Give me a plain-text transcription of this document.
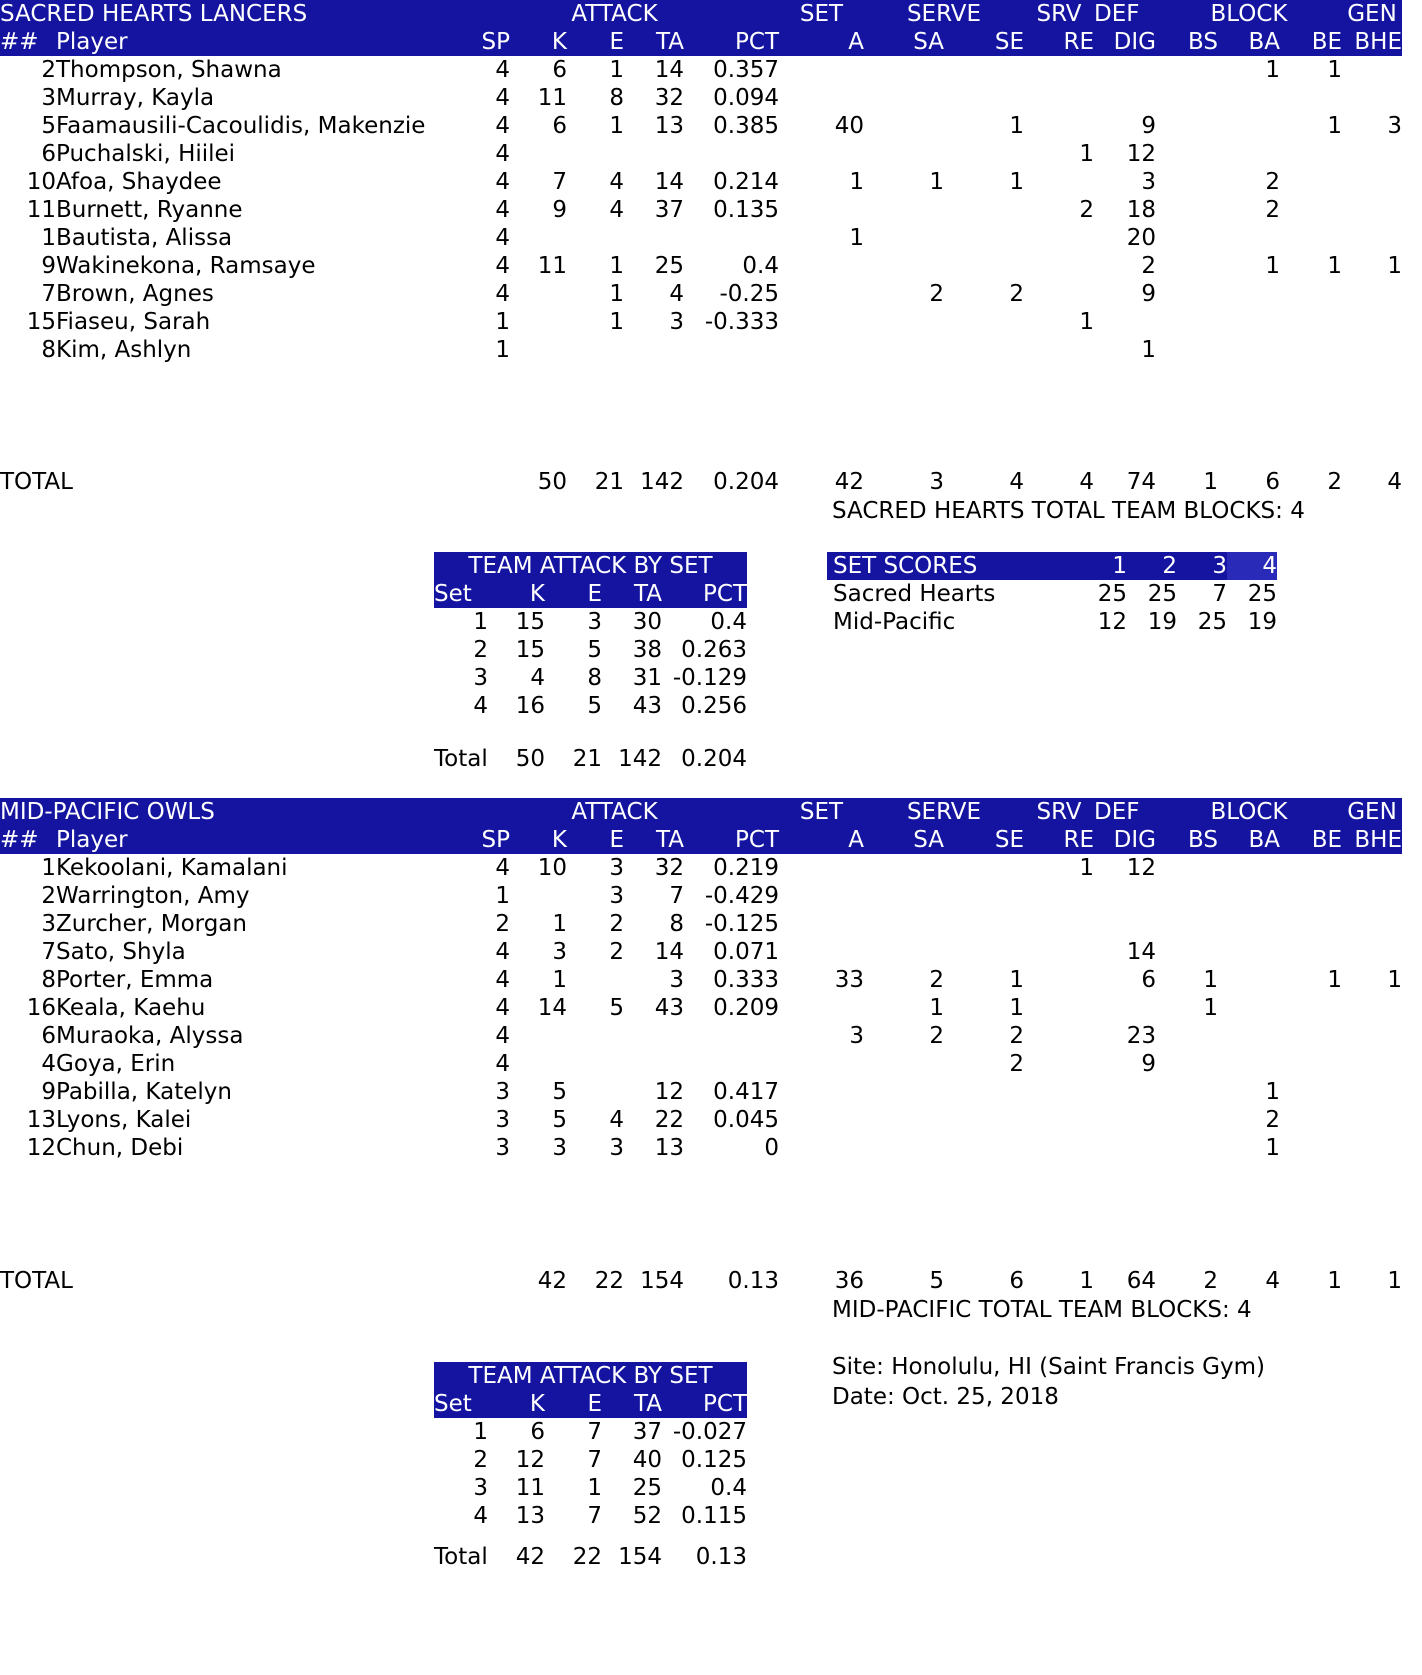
SACRED HEARTS LANCERS		ATTACK					SET	SERVE		SRV	DEF	BLOCK			GEN
##	Player	SP	K	E	TA	PCT	A	SA	SE	RE	DIG	BS	BA	BE	BHE
2	Thompson, Shawna	4	6	1	14	0.357							1	1	
3	Murray, Kayla	4	11	8	32	0.094									
5	Faamausili-Cacoulidis, Makenzie	4	6	1	13	0.385	40		1		9			1	3
6	Puchalski, Hiilei	4								1	12				
10	Afoa, Shaydee	4	7	4	14	0.214	1	1	1		3		2		
11	Burnett, Ryanne	4	9	4	37	0.135				2	18		2		
1	Bautista, Alissa	4					1				20				
9	Wakinekona, Ramsaye	4	11	1	25	0.4					2		1	1	1
7	Brown, Agnes	4		1	4	-0.25		2	2		9				
15	Fiaseu, Sarah	1		1	3	-0.333				1					
8	Kim, Ashlyn	1									1				
TOTAL		50	21	142	0.204	42	3	4	4	74	1	6	2	4
SACRED HEARTS TOTAL TEAM BLOCKS: 4
TEAM ATTACK BY SET				
Set	K	E	TA	PCT
1	15	3	30	0.4
2	15	5	38	0.263
3	4	8	31	-0.129
4	16	5	43	0.256
Total	50	21	142	0.204
SET SCORES	1	2	3	4
Sacred Hearts	25	25	7	25
Mid-Pacific	12	19	25	19
MID-PACIFIC OWLS		ATTACK					SET	SERVE		SRV	DEF	BLOCK			GEN
##	Player	SP	K	E	TA	PCT	A	SA	SE	RE	DIG	BS	BA	BE	BHE
1	Kekoolani, Kamalani	4	10	3	32	0.219				1	12				
2	Warrington, Amy	1		3	7	-0.429									
3	Zurcher, Morgan	2	1	2	8	-0.125									
7	Sato, Shyla	4	3	2	14	0.071					14				
8	Porter, Emma	4	1		3	0.333	33	2	1		6	1		1	1
16	Keala, Kaehu	4	14	5	43	0.209		1	1			1			
6	Muraoka, Alyssa	4					3	2	2		23				
4	Goya, Erin	4							2		9				
9	Pabilla, Katelyn	3	5		12	0.417							1		
13	Lyons, Kalei	3	5	4	22	0.045							2		
12	Chun, Debi	3	3	3	13	0							1		
TOTAL		42	22	154	0.13	36	5	6	1	64	2	4	1	1
MID-PACIFIC TOTAL TEAM BLOCKS: 4
TEAM ATTACK BY SET				
Set	K	E	TA	PCT
1	6	7	37	-0.027
2	12	7	40	0.125
3	11	1	25	0.4
4	13	7	52	0.115
Total	42	22	154	0.13
Site: Honolulu, HI (Saint Francis Gym)
Date: Oct. 25, 2018
